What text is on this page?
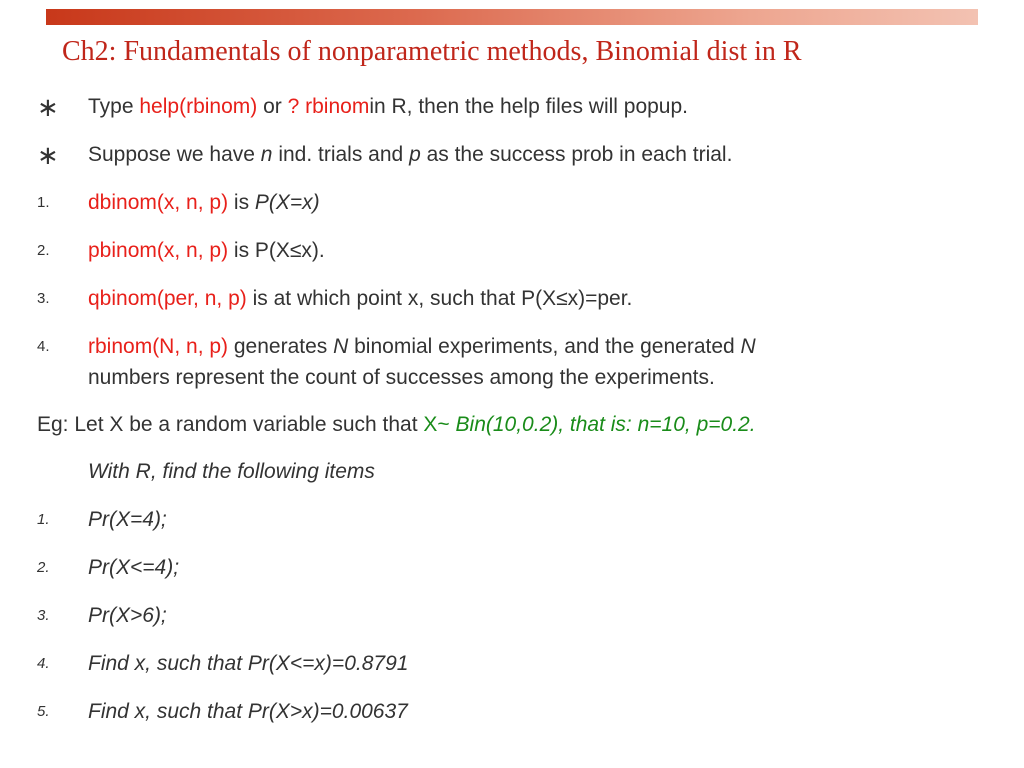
Ch2: Fundamentals of nonparametric methods, Binomial dist in R
∗ Type help(rbinom) or ? rbinomin R, then the help files will popup.
∗ Suppose we have n ind. trials and p as the success prob in each trial.
1. dbinom(x, n, p) is P(X=x)
2. pbinom(x, n, p) is P(X≤x).
3. qbinom(per, n, p) is at which point x, such that P(X≤x)=per.
4. rbinom(N, n, p) generates N binomial experiments, and the generated N
numbers represent the count of successes among the experiments.
Eg: Let X be a random variable such that X~ Bin(10,0.2), that is: n=10, p=0.2.
With R, find the following items
1. Pr(X=4);
2. Pr(X<=4);
3. Pr(X>6);
4. Find x, such that Pr(X<=x)=0.8791
5. Find x, such that Pr(X>x)=0.00637
